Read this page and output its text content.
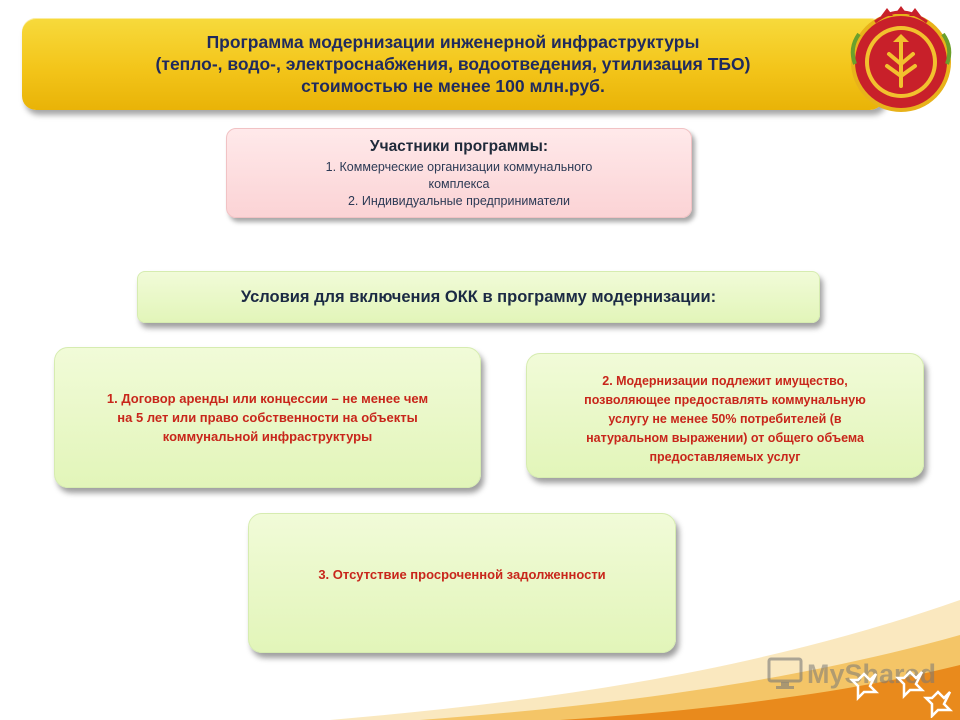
Программа модернизации инженерной инфраструктуры
(тепло-, водо-, электроснабжения, водоотведения, утилизация ТБО)
стоимостью не менее 100 млн.руб.
Участники программы:
1. Коммерческие организации коммунального
комплекса
2. Индивидуальные предприниматели
Условия для включения ОКК в программу модернизации:
1. Договор аренды или концессии – не менее чем
на 5 лет или право собственности на объекты
коммунальной инфраструктуры
2. Модернизации подлежит имущество,
позволяющее предоставлять коммунальную
услугу не менее 50% потребителей (в
натуральном выражении) от общего объема
предоставляемых услуг
3. Отсутствие просроченной задолженности
MyShared
